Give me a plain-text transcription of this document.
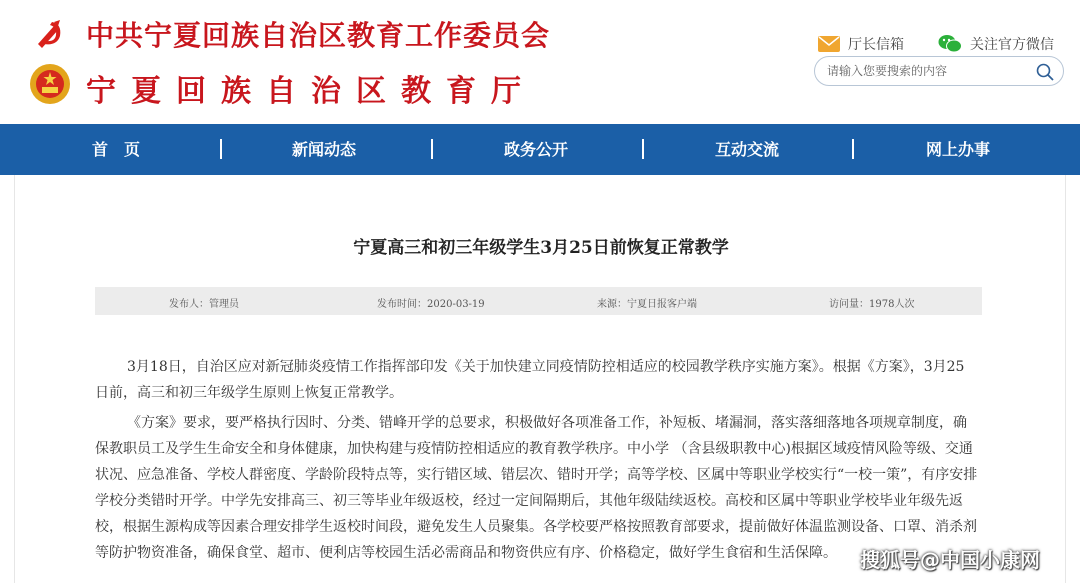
中共宁夏回族自治区教育工作委员会
宁夏回族自治区教育厅
厅长信箱	关注官方微信
请输入您要搜索的内容
首　页	新闻动态	政务公开	互动交流	网上办事
宁夏高三和初三年级学生3月25日前恢复正常教学
发布人：管理员	发布时间：2020-03-19	来源：宁夏日报客户端	访问量：1978人次
3月18日，自治区应对新冠肺炎疫情工作指挥部印发《关于加快建立同疫情防控相适应的校园教学秩序实施方案》。根据《方案》，3月25
日前，高三和初三年级学生原则上恢复正常教学。
《方案》要求，要严格执行因时、分类、错峰开学的总要求，积极做好各项准备工作，补短板、堵漏洞，落实落细落地各项规章制度，确
保教职员工及学生生命安全和身体健康，加快构建与疫情防控相适应的教育教学秩序。中小学 （含县级职教中心)根据区域疫情风险等级、交通
状况、应急准备、学校人群密度、学龄阶段特点等，实行错区域、错层次、错时开学；高等学校、区属中等职业学校实行“一校一策”，有序安排
学校分类错时开学。中学先安排高三、初三等毕业年级返校，经过一定间隔期后，其他年级陆续返校。高校和区属中等职业学校毕业年级先返
校，根据生源构成等因素合理安排学生返校时间段，避免发生人员聚集。各学校要严格按照教育部要求，提前做好体温监测设备、口罩、消杀剂
等防护物资准备，确保食堂、超市、便利店等校园生活必需商品和物资供应有序、价格稳定，做好学生食宿和生活保障。	搜狐号@中国小康网
